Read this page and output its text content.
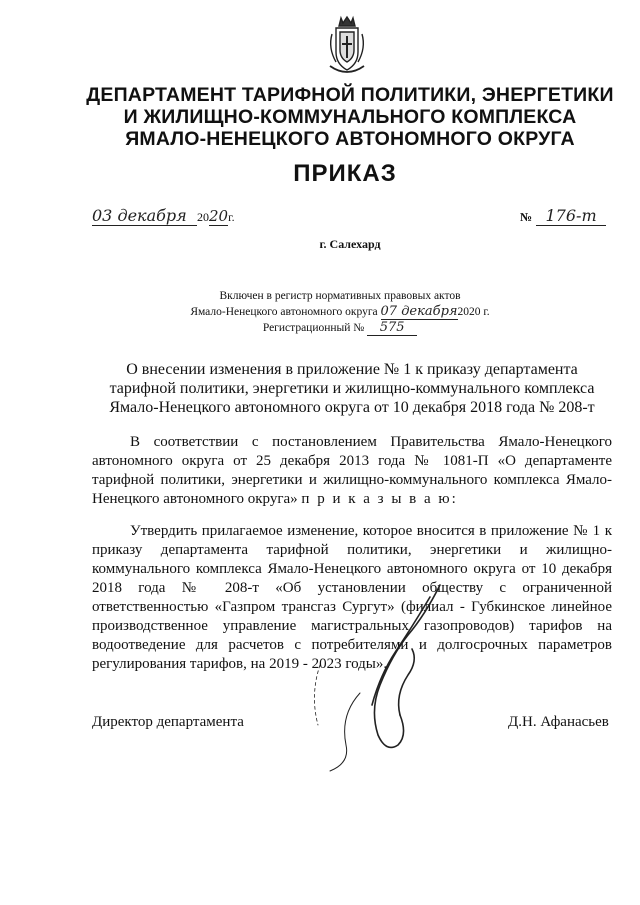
ДЕПАРТАМЕНТ ТАРИФНОЙ ПОЛИТИКИ, ЭНЕРГЕТИКИ
И ЖИЛИЩНО-КОММУНАЛЬНОГО КОМПЛЕКСА
ЯМАЛО-НЕНЕЦКОГО АВТОНОМНОГО ОКРУГА
ПРИКАЗ
03 декабря 2020г.	№ 176-т
г. Салехард
Включен в регистр нормативных правовых актов
Ямало-Ненецкого автономного округа 07 декабря2020 г.
Регистрационный № 575
О внесении изменения в приложение № 1 к приказу департамента
тарифной политики, энергетики и жилищно-коммунального комплекса
Ямало-Ненецкого автономного округа от 10 декабря 2018 года № 208-т

В соответствии с постановлением Правительства Ямало-Ненецкого автономного округа от 25 декабря 2013 года № 1081-П «О департаменте тарифной политики, энергетики и жилищно-коммунального комплекса Ямало-Ненецкого автономного округа» п р и к а з ы в а ю:

Утвердить прилагаемое изменение, которое вносится в приложение № 1 к приказу департамента тарифной политики, энергетики и жилищно-коммунального комплекса Ямало-Ненецкого автономного округа от 10 декабря 2018 года № 208-т «Об установлении обществу с ограниченной ответственностью «Газпром трансгаз Сургут» (филиал - Губкинское линейное производственное управление магистральных газопроводов) тарифов на водоотведение для расчетов с потребителями и долгосрочных параметров регулирования тарифов, на 2019 - 2023 годы».

Директор департамента	Д.Н. Афанасьев
